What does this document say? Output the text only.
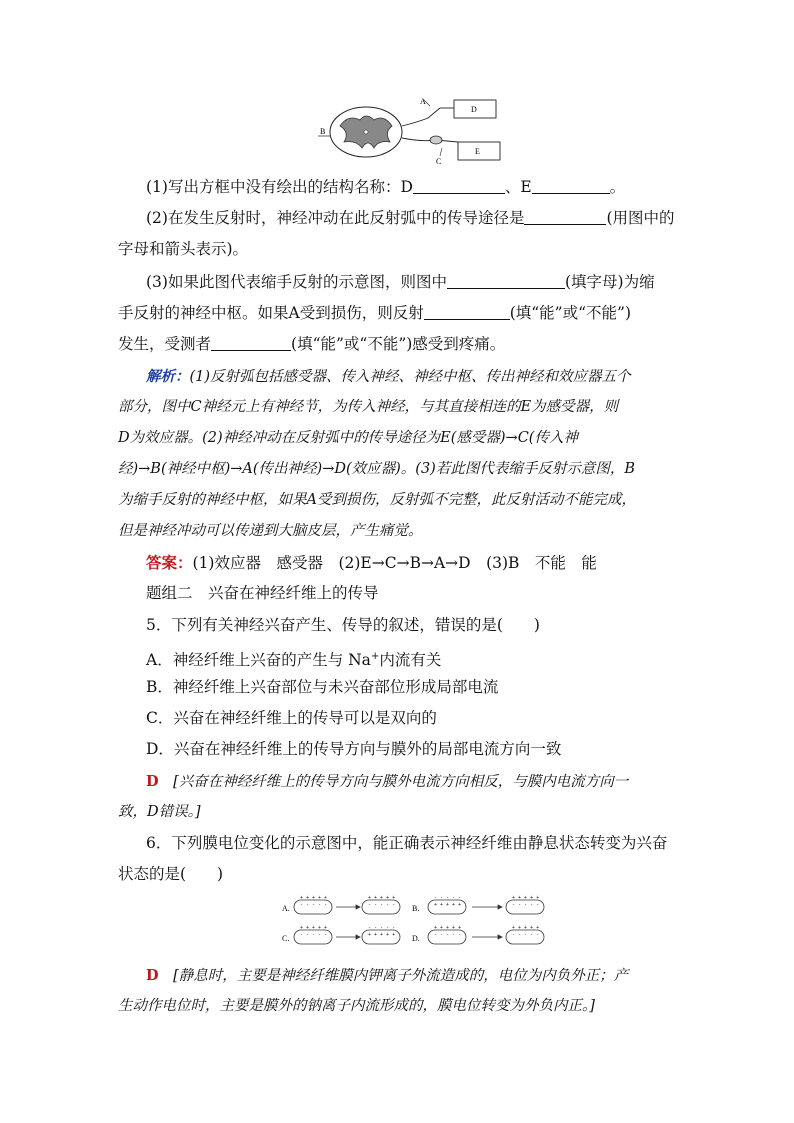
A
B
C
D
E
(1)写出方框中没有绘出的结构名称：D	、E	。
(2)在发生反射时，神经冲动在此反射弧中的传导途径是	(用图中的
字母和箭头表示)。
(3)如果此图代表缩手反射的示意图，则图中	(填字母)为缩
手反射的神经中枢。如果A受到损伤，则反射	(填“能”或“不能”)
发生，受测者	(填“能”或“不能”)感受到疼痛。
解析：(1)反射弧包括感受器、传入神经、神经中枢、传出神经和效应器五个
部分，图中C神经元上有神经节，为传入神经，与其直接相连的E为感受器，则
D为效应器。(2)神经冲动在反射弧中的传导途径为E(感受器)→C(传入神
经)→B(神经中枢)→A(传出神经)→D(效应器)。(3)若此图代表缩手反射示意图，B
为缩手反射的神经中枢，如果A受到损伤，反射弧不完整，此反射活动不能完成，
但是神经冲动可以传递到大脑皮层，产生痛觉。
答案：(1)效应器　感受器　(2)E→C→B→A→D　(3)B　不能　能
题组二　兴奋在神经纤维上的传导
5．下列有关神经兴奋产生、传导的叙述，错误的是(　　)
A．神经纤维上兴奋的产生与 Na+内流有关
B．神经纤维上兴奋部位与未兴奋部位形成局部电流
C．兴奋在神经纤维上的传导可以是双向的
D．兴奋在神经纤维上的传导方向与膜外的局部电流方向一致
D　 [兴奋在神经纤维上的传导方向与膜外电流方向相反，与膜内电流方向一
致，D错误。]
6．下列膜电位变化的示意图中，能正确表示神经纤维由静息状态转变为兴奋
状态的是(　　)
A.	B.
C.	D.
+ + + + +
- - - - -
+ + + + +
- - - - -
- - - - -
+ + + + +
+ + + + +
- - - - -
+ + + + +
- - - - -
- - - - -
+ + + + +
+ + + + +
- - - - -
+ + + + +
- - - - -
D　 [静息时，主要是神经纤维膜内钾离子外流造成的，电位为内负外正；产
生动作电位时，主要是膜外的钠离子内流形成的，膜电位转变为外负内正。]
